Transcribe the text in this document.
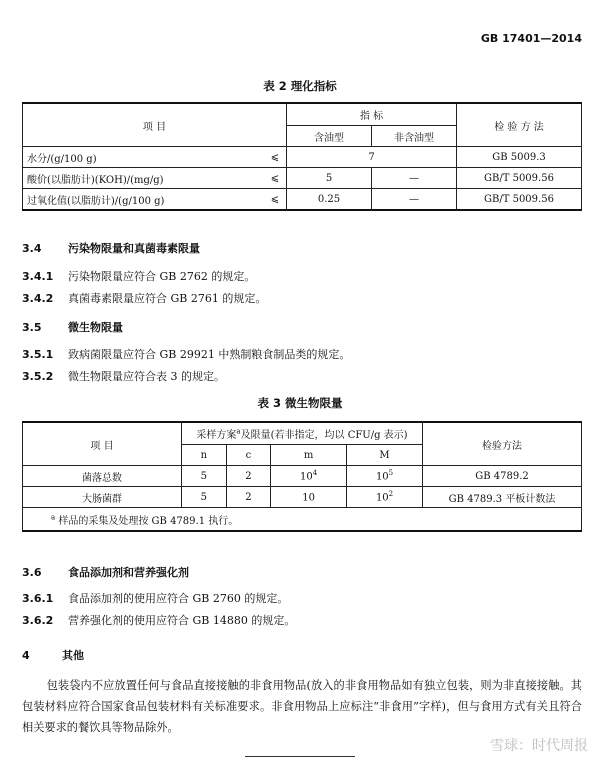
GB 17401—2014
表 2 理化指标
项 目		指 标		检 验 方 法
		含油型	非含油型	
水分/(g/100 g)	⩽	7		GB 5009.3
酸价(以脂肪计)(KOH)/(mg/g)	⩽	5	—	GB/T 5009.56
过氧化值(以脂肪计)/(g/100 g)	⩽	0.25	—	GB/T 5009.56
3.4 污染物限量和真菌毒素限量
3.4.1 污染物限量应符合 GB 2762 的规定。
3.4.2 真菌毒素限量应符合 GB 2761 的规定。
3.5 微生物限量
3.5.1 致病菌限量应符合 GB 29921 中熟制粮食制品类的规定。
3.5.2 微生物限量应符合表 3 的规定。
表 3 微生物限量
项 目	采样方案$^a$及限量(若非指定，均以 CFU/g 表示)				检验方法
	n	c	m	M	
菌落总数	5	2	$10^4$	$10^5$	GB 4789.2
大肠菌群	5	2	10	$10^2$	GB 4789.3 平板计数法
$^a$ 样品的采集及处理按 GB 4789.1 执行。					
3.6 食品添加剂和营养强化剂
3.6.1 食品添加剂的使用应符合 GB 2760 的规定。
3.6.2 营养强化剂的使用应符合 GB 14880 的规定。
4	其他
包装袋内不应放置任何与食品直接接触的非食用物品(放入的非食用物品如有独立包装，则为非直接接触。其包装材料应符合国家食品包装材料有关标准要求。非食用物品上应标注“非食用”字样)，但与食用方式有关且符合相关要求的餐饮具等物品除外。
雪球：时代周报
